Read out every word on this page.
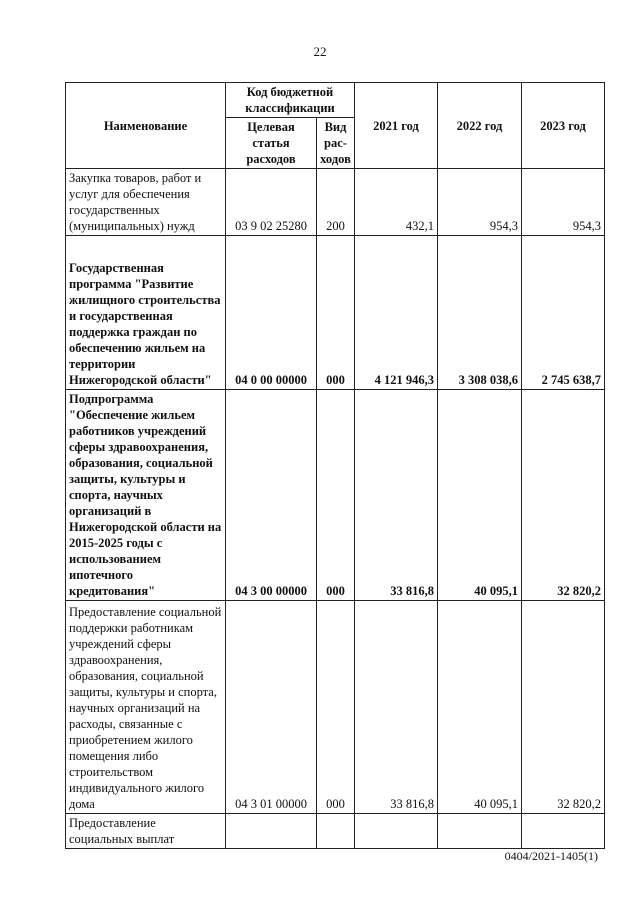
22
Наименование	Код бюджетной классификации		2021 год	2022 год	2023 год
	Целевая статья расходов	Вид рас-ходов			
Закупка товаров, работ и услуг для обеспечения государственных (муниципальных) нужд	03 9 02 25280	200	432,1	954,3	954,3
Государственная программа "Развитие жилищного строительства и государственная поддержка граждан по обеспечению жильем на территории Нижегородской области"	04 0 00 00000	000	4 121 946,3	3 308 038,6	2 745 638,7
Подпрограмма "Обеспечение жильем работников учреждений сферы здравоохранения, образования, социальной защиты, культуры и спорта, научных организаций в Нижегородской области на 2015-2025 годы с использованием ипотечного кредитования"	04 3 00 00000	000	33 816,8	40 095,1	32 820,2
Предоставление социальной поддержки работникам учреждений сферы здравоохранения, образования, социальной защиты, культуры и спорта, научных организаций на расходы, связанные с приобретением жилого помещения либо строительством индивидуального жилого дома	04 3 01 00000	000	33 816,8	40 095,1	32 820,2
Предоставление социальных выплат					
0404/2021-1405(1)
